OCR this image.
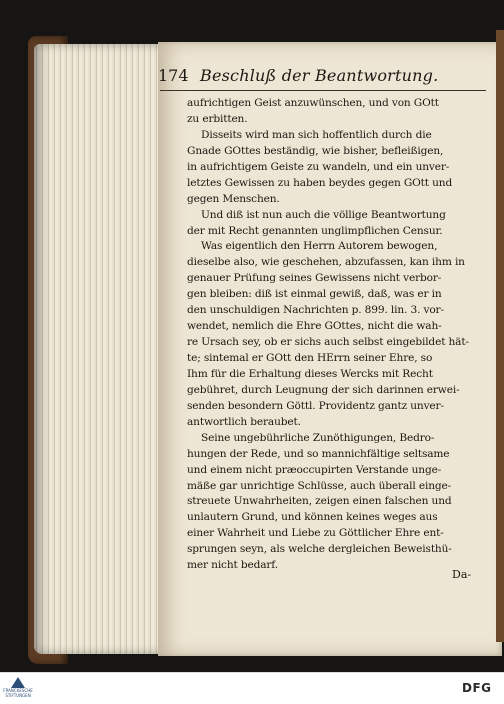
174 Beschluß der Beantwortung.
aufrichtigen Geist anzuwünschen, und von GOtt
zu erbitten.
Disseits wird man sich hoffentlich durch die
Gnade GOttes beständig, wie bisher, befleißigen,
in aufrichtigem Geiste zu wandeln, und ein unver-
letztes Gewissen zu haben beydes gegen GOtt und
gegen Menschen.
Und diß ist nun auch die völlige Beantwortung
der mit Recht genannten unglimpflichen Censur.
Was eigentlich den Herrn Autorem bewogen,
dieselbe also, wie geschehen, abzufassen, kan ihm in
genauer Prüfung seines Gewissens nicht verbor-
gen bleiben: diß ist einmal gewiß, daß, was er in
den unschuldigen Nachrichten p. 899. lin. 3. vor-
wendet, nemlich die Ehre GOttes, nicht die wah-
re Ursach sey, ob er sichs auch selbst eingebildet hät-
te; sintemal er GOtt den HErrn seiner Ehre, so
Ihm für die Erhaltung dieses Wercks mit Recht
gebühret, durch Leugnung der sich darinnen erwei-
senden besondern Göttl. Providentz gantz unver-
antwortlich beraubet.
Seine ungebührliche Zunöthigungen, Bedro-
hungen der Rede, und so mannichfältige seltsame
und einem nicht præoccupirten Verstande unge-
mäße gar unrichtige Schlüsse, auch überall einge-
streuete Unwahrheiten, zeigen einen falschen und
unlautern Grund, und können keines weges aus
einer Wahrheit und Liebe zu Göttlicher Ehre ent-
sprungen seyn, als welche dergleichen Beweisthü-
mer nicht bedarf.
Da-
FRANCKESCHE STIFTUNGEN	DFG
